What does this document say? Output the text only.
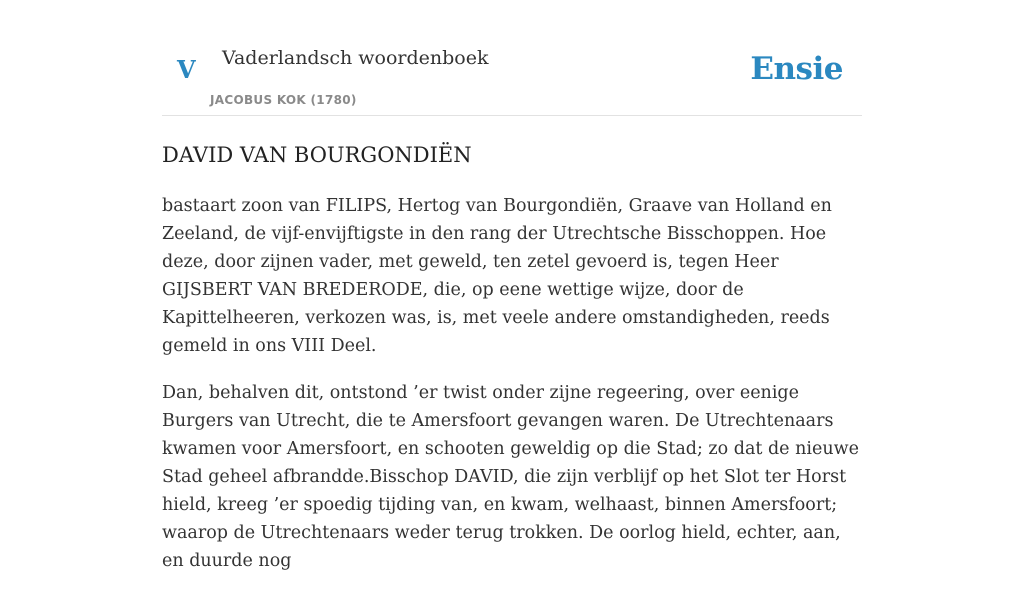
V Vaderlandsch woordenboek
JACOBUS KOK (1780)
Ensie
DAVID VAN BOURGONDIËN

bastaart zoon van FILIPS, Hertog van Bourgondiën, Graave van Holland en Zeeland, de vijf-envijftigste in den rang der Utrechtsche Bisschoppen. Hoe deze, door zijnen vader, met geweld, ten zetel gevoerd is, tegen Heer GIJSBERT VAN BREDERODE, die, op eene wettige wijze, door de Kapittelheeren, verkozen was, is, met veele andere omstandigheden, reeds gemeld in ons VIII Deel.

Dan, behalven dit, ontstond ’er twist onder zijne regeering, over eenige Burgers van Utrecht, die te Amersfoort gevangen waren. De Utrechtenaars kwamen voor Amersfoort, en schooten geweldig op die Stad; zo dat de nieuwe Stad geheel afbrandde.Bisschop DAVID, die zijn verblijf op het Slot ter Horst hield, kreeg ’er spoedig tijding van, en kwam, welhaast, binnen Amersfoort; waarop de Utrechtenaars weder terug trokken. De oorlog hield, echter, aan, en duurde nog
